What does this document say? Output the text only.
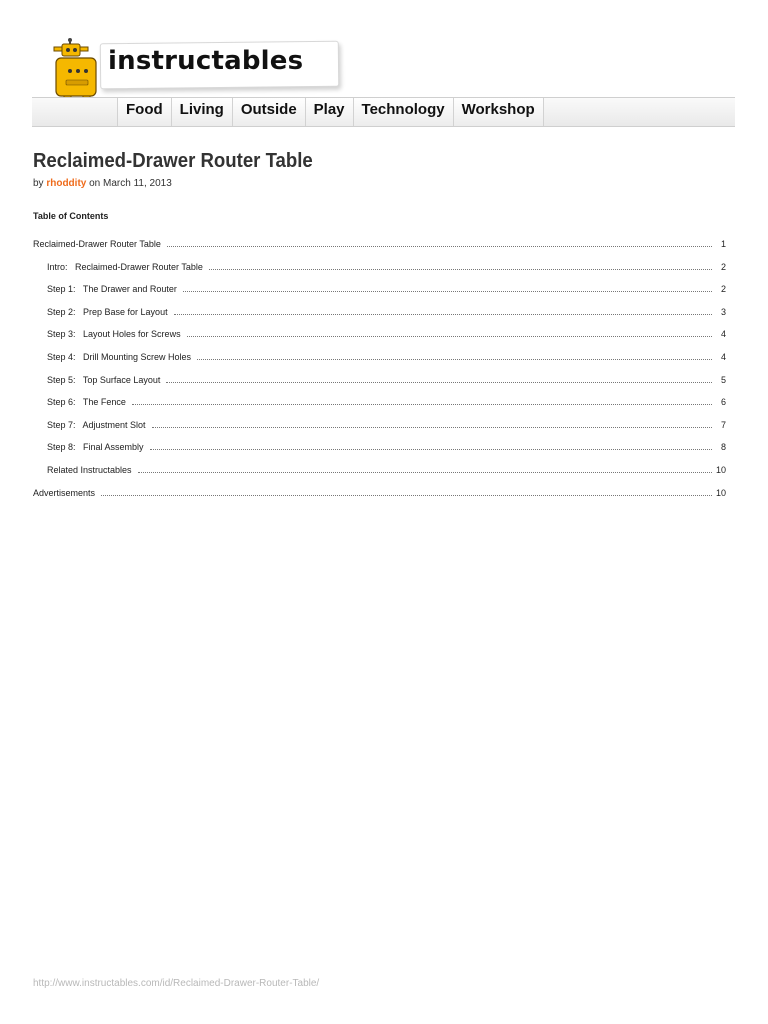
instructables
Food	Living	Outside	Play	Technology	Workshop
Reclaimed-Drawer Router Table
by rhoddity on March 11, 2013
Table of Contents
Reclaimed-Drawer Router Table	1
Intro:   Reclaimed-Drawer Router Table	2
Step 1:   The Drawer and Router	2
Step 2:   Prep Base for Layout	3
Step 3:   Layout Holes for Screws	4
Step 4:   Drill Mounting Screw Holes	4
Step 5:   Top Surface Layout	5
Step 6:   The Fence	6
Step 7:   Adjustment Slot	7
Step 8:   Final Assembly	8
Related Instructables	10
Advertisements	10
http://www.instructables.com/id/Reclaimed-Drawer-Router-Table/
